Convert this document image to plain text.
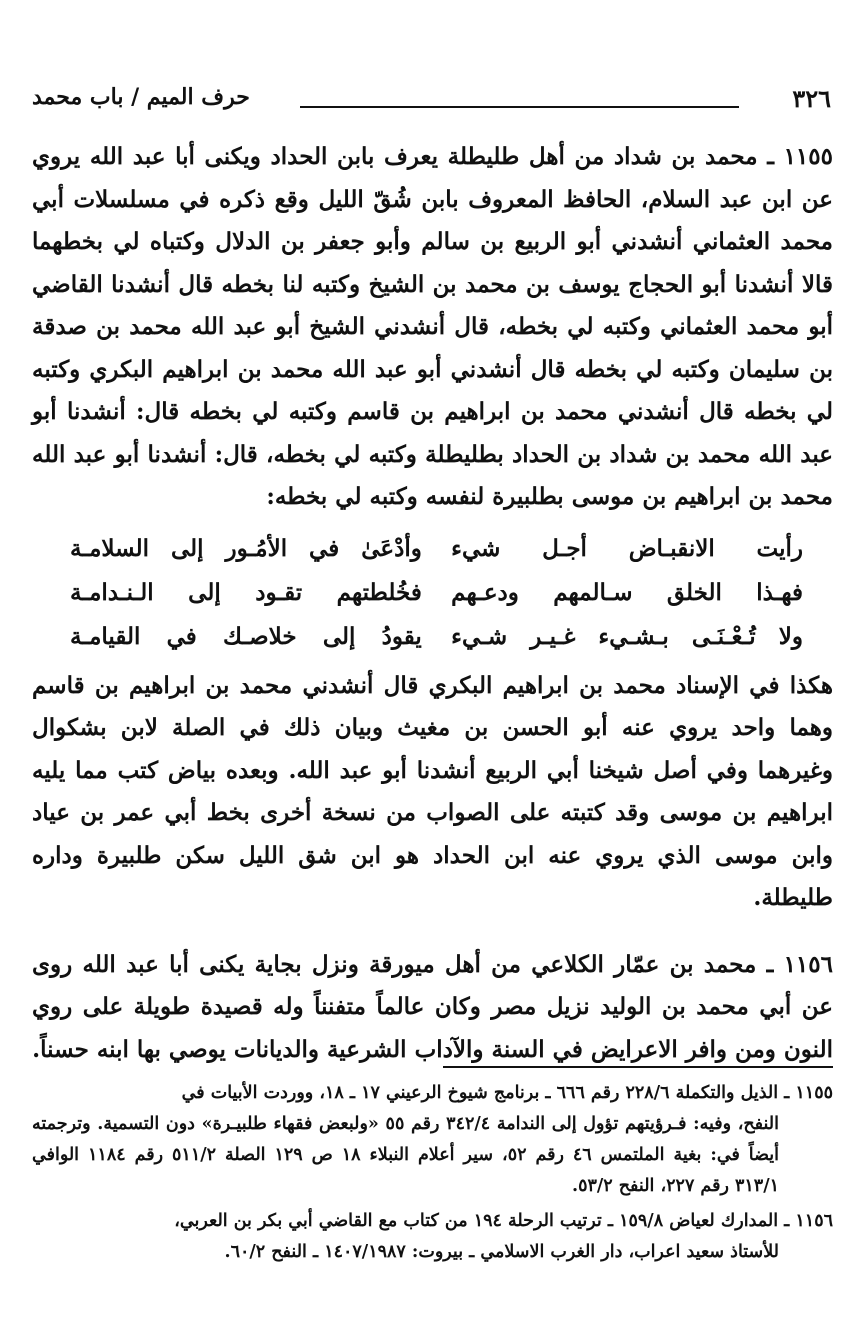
٣٢٦
حرف الميم / باب محمد

١١٥٥ ـ محمد بن شداد من أهل طليطلة يعرف بابن الحداد ويكنى أبا عبد الله يروي عن ابن عبد السلام، الحافظ المعروف بابن شُقّ الليل وقع ذكره في مسلسلات أبي محمد العثماني أنشدني أبو الربيع بن سالم وأبو جعفر بن الدلال وكتباه لي بخطهما قالا أنشدنا أبو الحجاج يوسف بن محمد بن الشيخ وكتبه لنا بخطه قال أنشدنا القاضي أبو محمد العثماني وكتبه لي بخطه، قال أنشدني الشيخ أبو عبد الله محمد بن صدقة بن سليمان وكتبه لي بخطه قال أنشدني أبو عبد الله محمد بن ابراهيم البكري وكتبه لي بخطه قال أنشدني محمد بن ابراهيم بن قاسم وكتبه لي بخطه قال: أنشدنا أبو عبد الله محمد بن شداد بن الحداد بطليطلة وكتبه لي بخطه، قال: أنشدنا أبو عبد الله محمد بن ابراهيم بن موسى بطلبيرة لنفسه وكتبه لي بخطه:

رأيت الانقبـاض أجـل شيء
وأدْعَىٰ في الأمُـور إلى السلامـة
فهـذا الخلق سـالمهم ودعـهم
فخُلطتهم تقـود إلى الـنـدامـة
ولا تُـعْـنَـى بـشـيء غـيـر شـيء
يقودُ إلى خلاصـك في القيامـة

هكذا في الإسناد محمد بن ابراهيم البكري قال أنشدني محمد بن ابراهيم بن قاسم وهما واحد يروي عنه أبو الحسن بن مغيث وبيان ذلك في الصلة لابن بشكوال وغيرهما وفي أصل شيخنا أبي الربيع أنشدنا أبو عبد الله. وبعده بياض كتب مما يليه ابراهيم بن موسى وقد كتبته على الصواب من نسخة أخرى بخط أبي عمر بن عياد وابن موسى الذي يروي عنه ابن الحداد هو ابن شق الليل سكن طلبيرة وداره طليطلة.

١١٥٦ ـ محمد بن عمّار الكلاعي من أهل ميورقة ونزل بجاية يكنى أبا عبد الله روى عن أبي محمد بن الوليد نزيل مصر وكان عالماً متفنناً وله قصيدة طويلة على روي النون ومن وافر الاعرايض في السنة والآداب الشرعية والديانات يوصي بها ابنه حسناً.

١١٥٥ ـ الذيل والتكملة ٢٢٨/٦ رقم ٦٦٦ ـ برنامج شيوخ الرعيني ١٧ ـ ١٨، ووردت الأبيات في
النفح، وفيه: فـرؤيتهم تؤول إلى الندامة ٣٤٢/٤ رقم ٥٥ «ولبعض فقهاء طلبيـرة» دون التسمية. وترجمته أيضاً في: بغية الملتمس ٤٦ رقم ٥٢، سير أعلام النبلاء ١٨ ص ١٢٩ الصلة ٥١١/٢ رقم ١١٨٤ الوافي ٣١٣/١ رقم ٢٢٧، النفح ٥٣/٢.

١١٥٦ ـ المدارك لعياض ١٥٩/٨ ـ ترتيب الرحلة ١٩٤ من كتاب مع القاضي أبي بكر بن العربي،
للأستاذ سعيد اعراب، دار الغرب الاسلامي ـ بيروت: ١٤٠٧/١٩٨٧ ـ النفح ٦٠/٢.
